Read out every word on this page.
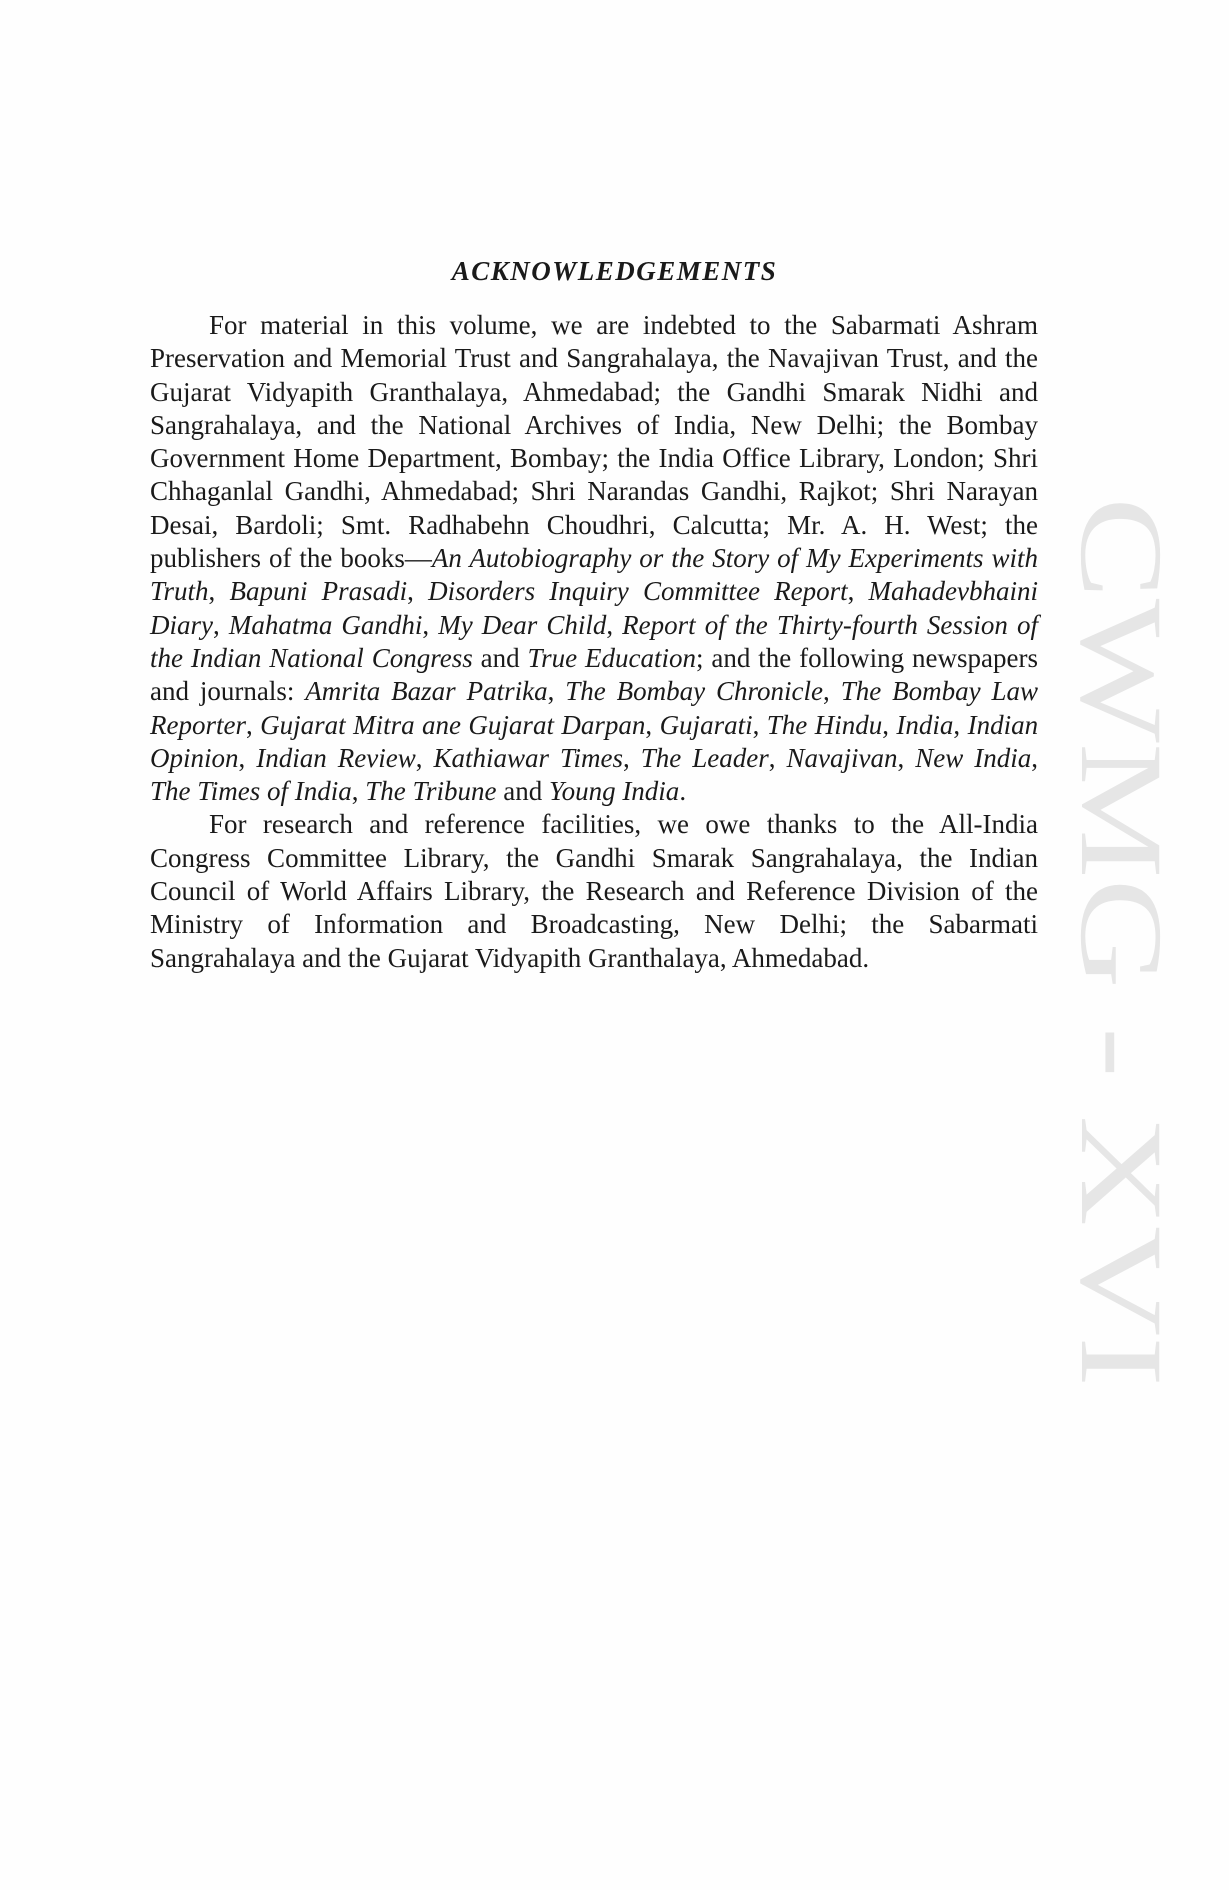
CWMG - XVI
ACKNOWLEDGEMENTS

For material in this volume, we are indebted to the Sabarmati Ashram Preservation and Memorial Trust and Sangrahalaya, the Navajivan Trust, and the Gujarat Vidyapith Granthalaya, Ahmedabad; the Gandhi Smarak Nidhi and Sangrahalaya, and the National Archives of India, New Delhi; the Bombay Government Home Department, Bombay; the India Office Library, London; Shri Chhaganlal Gandhi, Ahmedabad; Shri Narandas Gandhi, Rajkot; Shri Narayan Desai, Bardoli; Smt. Radhabehn Choudhri, Calcutta; Mr. A. H. West; the publishers of the books—An Autobiography or the Story of My Experiments with Truth, Bapuni Prasadi, Disorders Inquiry Committee Report, Mahadevbhaini Diary, Mahatma Gandhi, My Dear Child, Report of the Thirty-fourth Session of the Indian National Congress and True Education; and the following newspapers and journals: Amrita Bazar Patrika, The Bombay Chronicle, The Bombay Law Reporter, Gujarat Mitra ane Gujarat Darpan, Gujarati, The Hindu, India, Indian Opinion, Indian Review, Kathiawar Times, The Leader, Navajivan, New India, The Times of India, The Tribune and Young India.

For research and reference facilities, we owe thanks to the All-India Congress Committee Library, the Gandhi Smarak Sangrahalaya, the Indian Council of World Affairs Library, the Research and Reference Division of the Ministry of Information and Broadcasting, New Delhi; the Sabarmati Sangrahalaya and the Gujarat Vidyapith Granthalaya, Ahmedabad.
